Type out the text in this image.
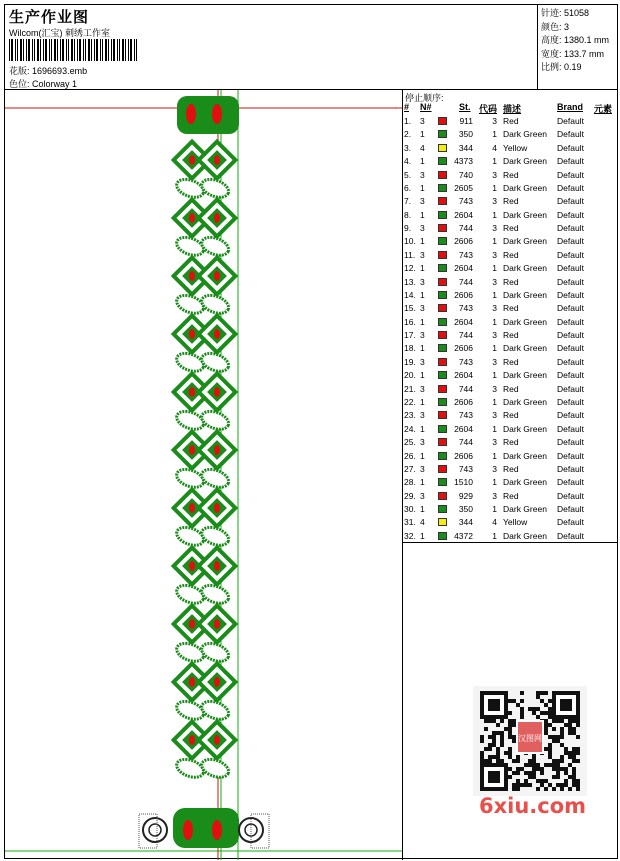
生产作业图
Wilcom(汇宝) 刺绣工作室
花版: 1696693.emb
色位: Colorway 1
针迹: 51058
颜色: 3
高度: 1380.1 mm
宽度: 133.7 mm
比例: 0.19
→
停止顺序:
# N#	St. 代码 描述	Brand 元素
1. 3	911	3 Red	Default
2. 1	350	1 Dark Green Default
3. 4	344	4 Yellow	Default
4. 1	4373	1 Dark Green Default
5. 3	740	3 Red	Default
6. 1	2605	1 Dark Green Default
7. 3	743	3 Red	Default
8. 1	2604	1 Dark Green Default
9. 3	744	3 Red	Default
10. 1	2606	1 Dark Green Default
11. 3	743	3 Red	Default
12. 1	2604	1 Dark Green Default
13. 3	744	3 Red	Default
14. 1	2606	1 Dark Green Default
15. 3	743	3 Red	Default
16. 1	2604	1 Dark Green Default
17. 3	744	3 Red	Default
18. 1	2606	1 Dark Green Default
19. 3	743	3 Red	Default
20. 1	2604	1 Dark Green Default
21. 3	744	3 Red	Default
22. 1	2606	1 Dark Green Default
23. 3	743	3 Red	Default
24. 1	2604	1 Dark Green Default
25. 3	744	3 Red	Default
26. 1	2606	1 Dark Green Default
27. 3	743	3 Red	Default
28. 1	1510	1 Dark Green Default
29. 3	929	3 Red	Default
30. 1	350	1 Dark Green Default
31. 4	344	4 Yellow	Default
32. 1	4372	1 Dark Green Default
汉图网
6xiu.com
